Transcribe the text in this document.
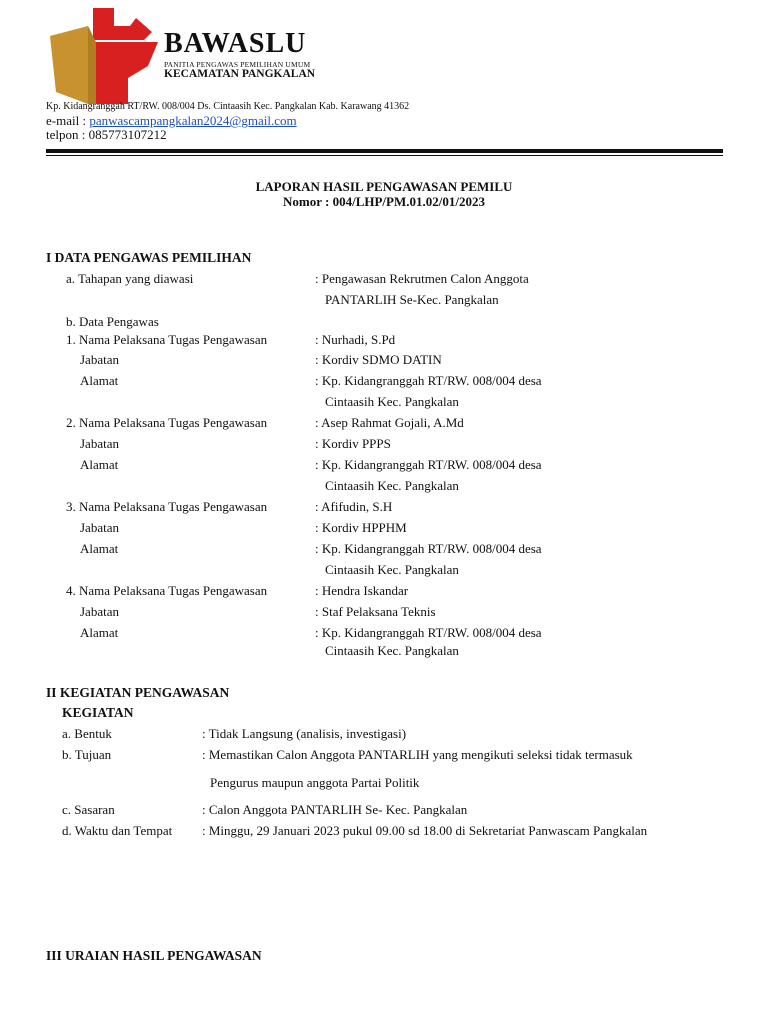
BAWASLU
PANITIA PENGAWAS PEMILIHAN UMUM
KECAMATAN PANGKALAN
Kp. Kidangranggah RT/RW. 008/004 Ds. Cintaasih Kec. Pangkalan Kab. Karawang 41362
e-mail : panwascampangkalan2024@gmail.com
telpon : 085773107212
LAPORAN HASIL PENGAWASAN PEMILU
Nomor : 004/LHP/PM.01.02/01/2023
I DATA PENGAWAS PEMILIHAN
a. Tahapan yang diawasi	: Pengawasan Rekrutmen Calon Anggota
PANTARLIH Se-Kec. Pangkalan
b. Data Pengawas
1. Nama Pelaksana Tugas Pengawasan	: Nurhadi, S.Pd
Jabatan	: Kordiv SDMO DATIN
Alamat	: Kp. Kidangranggah RT/RW. 008/004 desa
Cintaasih Kec. Pangkalan
2. Nama Pelaksana Tugas Pengawasan	: Asep Rahmat Gojali, A.Md
Jabatan	: Kordiv PPPS
Alamat	: Kp. Kidangranggah RT/RW. 008/004 desa
Cintaasih Kec. Pangkalan
3. Nama Pelaksana Tugas Pengawasan	: Afifudin, S.H
Jabatan	: Kordiv HPPHM
Alamat	: Kp. Kidangranggah RT/RW. 008/004 desa
Cintaasih Kec. Pangkalan
4. Nama Pelaksana Tugas Pengawasan	: Hendra Iskandar
Jabatan	: Staf Pelaksana Teknis
Alamat	: Kp. Kidangranggah RT/RW. 008/004 desa
Cintaasih Kec. Pangkalan
II KEGIATAN PENGAWASAN
KEGIATAN
a. Bentuk	: Tidak Langsung (analisis, investigasi)
b. Tujuan	: Memastikan Calon Anggota PANTARLIH yang mengikuti seleksi tidak termasuk
Pengurus maupun anggota Partai Politik
c. Sasaran	: Calon Anggota PANTARLIH Se- Kec. Pangkalan
d. Waktu dan Tempat : Minggu, 29 Januari 2023 pukul 09.00 sd 18.00 di Sekretariat Panwascam Pangkalan
III URAIAN HASIL PENGAWASAN
